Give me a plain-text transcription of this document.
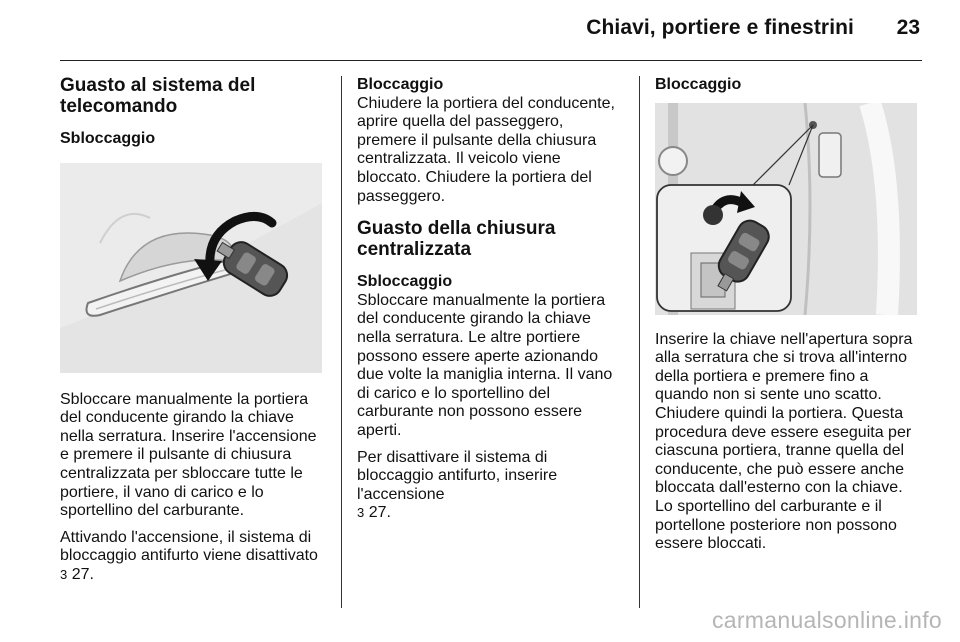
Chiavi, portiere e finestrini 23
Guasto al sistema del telecomando
Sbloccaggio

Sbloccare manualmente la portiera del conducente girando la chiave nella serratura. Inserire l'accensione e premere il pulsante di chiusura centralizzata per sbloccare tutte le portiere, il vano di carico e lo sportellino del carburante.

Attivando l'accensione, il sistema di bloccaggio antifurto viene disattivato
3 27.

Bloccaggio

Chiudere la portiera del conducente, aprire quella del passeggero, premere il pulsante della chiusura centralizzata. Il veicolo viene bloccato. Chiudere la portiera del passeggero.

Guasto della chiusura centralizzata
Sbloccaggio

Sbloccare manualmente la portiera del conducente girando la chiave nella serratura. Le altre portiere possono essere aperte azionando due volte la maniglia interna. Il vano di carico e lo sportellino del carburante non possono essere aperti.

Per disattivare il sistema di bloccaggio antifurto, inserire l'accensione
3 27.

Bloccaggio

Inserire la chiave nell'apertura sopra alla serratura che si trova all'interno della portiera e premere fino a quando non si sente uno scatto. Chiudere quindi la portiera. Questa procedura deve essere eseguita per ciascuna portiera, tranne quella del conducente, che può essere anche bloccata dall'esterno con la chiave. Lo sportellino del carburante e il portellone posteriore non possono essere bloccati.

carmanualsonline.info
